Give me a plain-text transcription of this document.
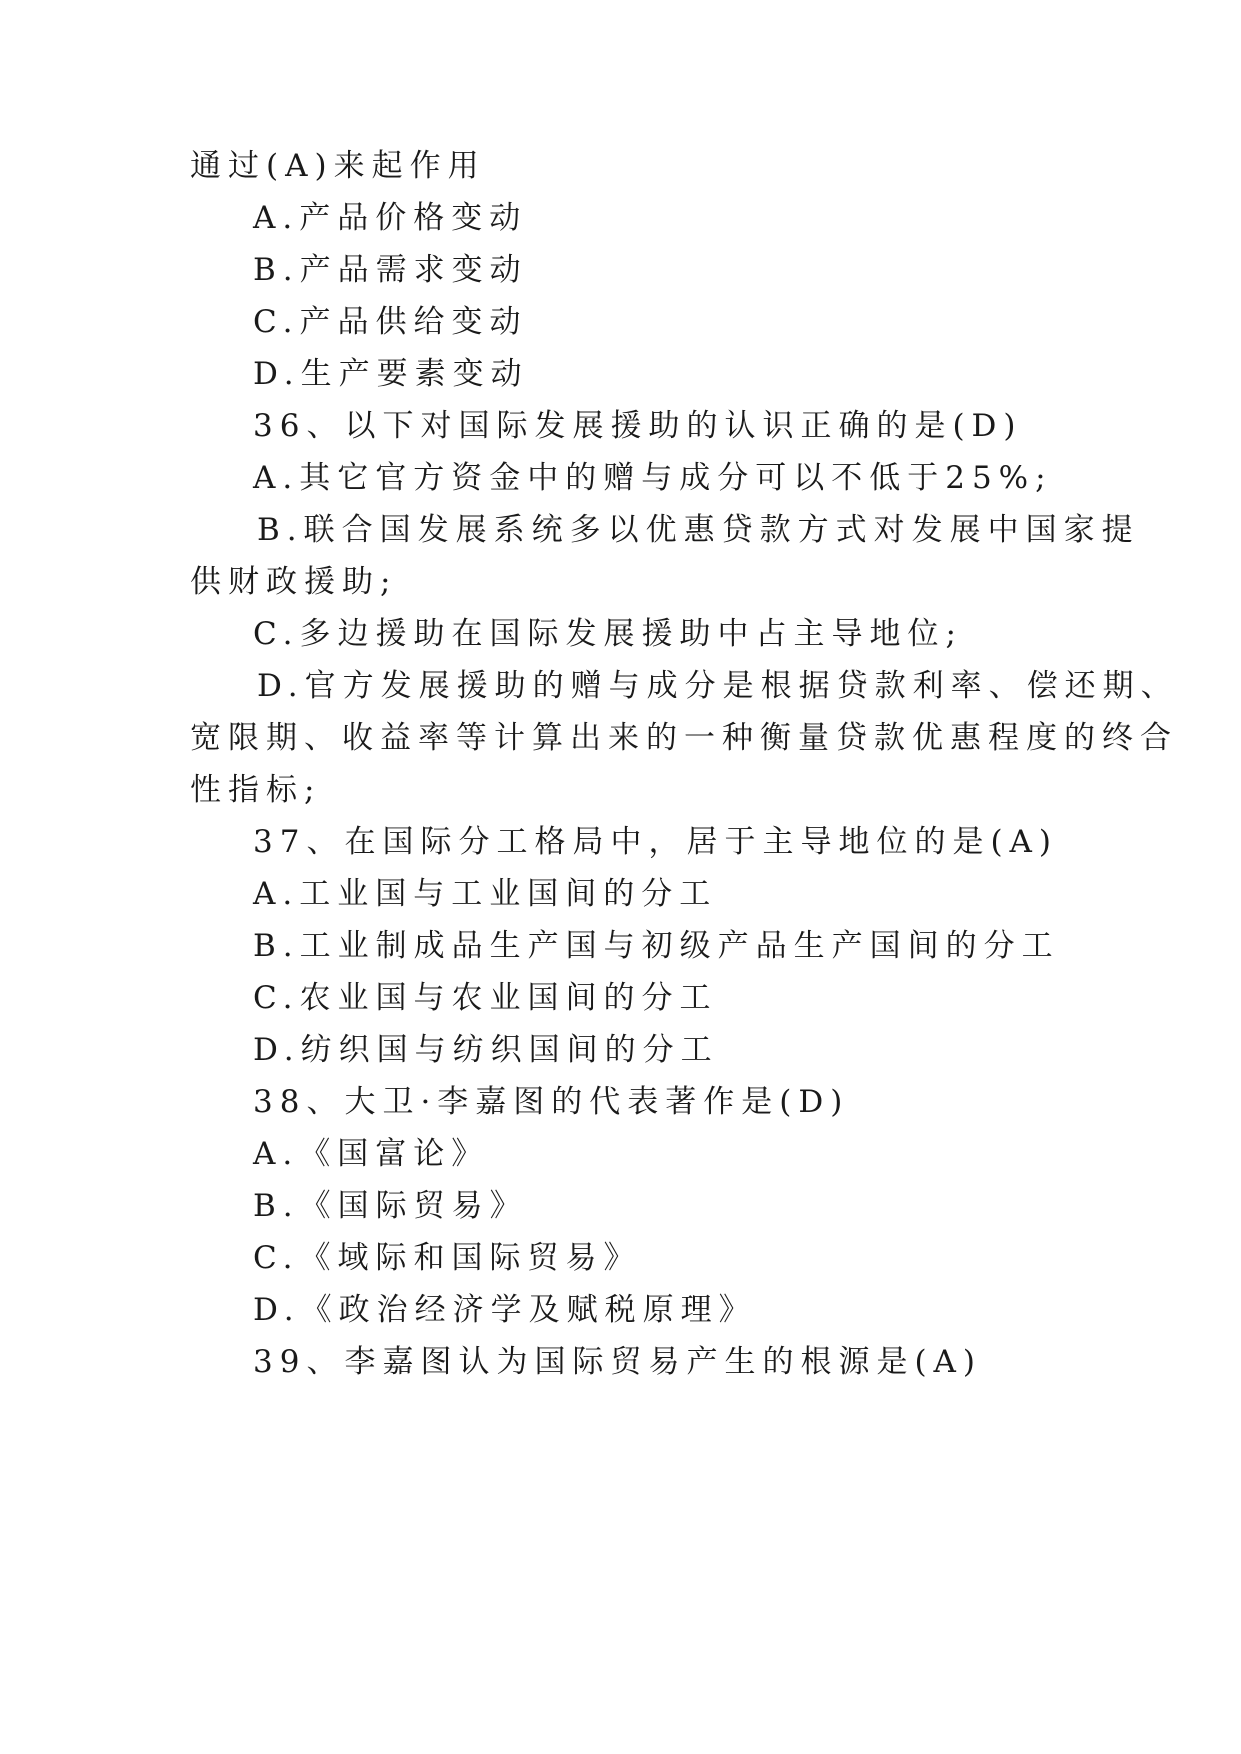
通过(A)来起作用
A.产品价格变动
B.产品需求变动
C.产品供给变动
D.生产要素变动
36、以下对国际发展援助的认识正确的是(D)
A.其它官方资金中的赠与成分可以不低于25%;
B.联合国发展系统多以优惠贷款方式对发展中国家提
供财政援助;
C.多边援助在国际发展援助中占主导地位;
D.官方发展援助的赠与成分是根据贷款利率、偿还期、
宽限期、收益率等计算出来的一种衡量贷款优惠程度的终合
性指标;
37、在国际分工格局中，居于主导地位的是(A)
A.工业国与工业国间的分工
B.工业制成品生产国与初级产品生产国间的分工
C.农业国与农业国间的分工
D.纺织国与纺织国间的分工
38、大卫·李嘉图的代表著作是(D)
A.《国富论》
B.《国际贸易》
C.《域际和国际贸易》
D.《政治经济学及赋税原理》
39、李嘉图认为国际贸易产生的根源是(A)
